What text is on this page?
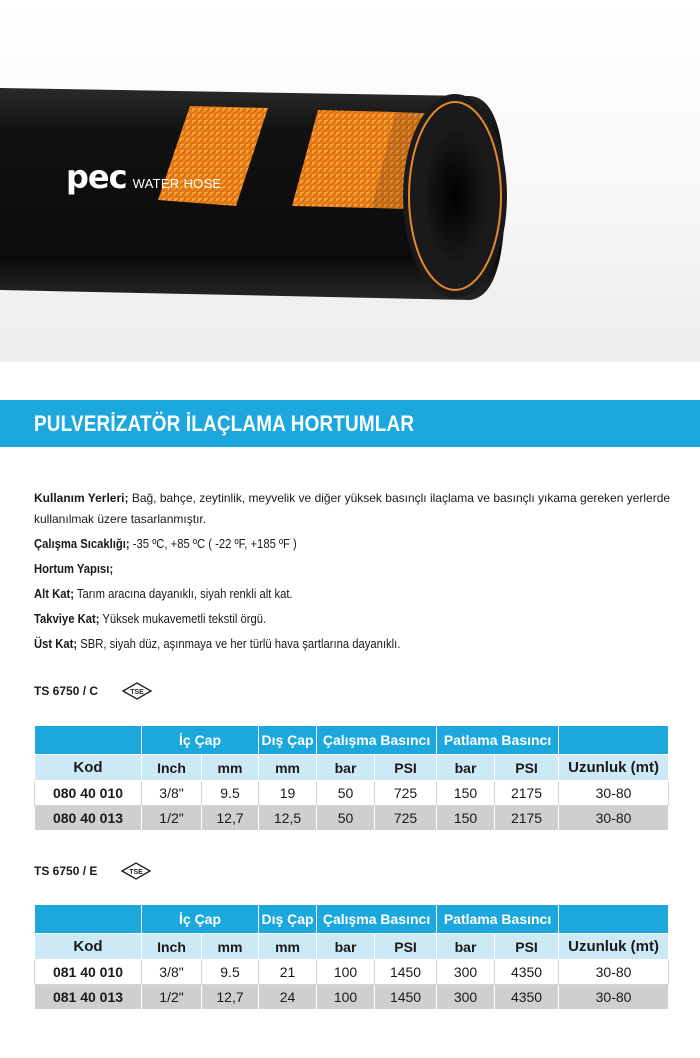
pec WATER HOSE
PULVERİZATÖR İLAÇLAMA HORTUMLAR

Kullanım Yerleri; Bağ, bahçe, zeytinlik, meyvelik ve diğer yüksek basınçlı ilaçlama ve basınçlı yıkama gereken yerlerde kullanılmak üzere tasarlanmıştır.

Çalışma Sıcaklığı; -35 ºC, +85 ºC ( -22 ºF, +185 ºF )

Hortum Yapısı;

Alt Kat; Tarım aracına dayanıklı, siyah renkli alt kat.

Takviye Kat; Yüksek mukavemetli tekstil örgü.

Üst Kat; SBR, siyah düz, aşınmaya ve her türlü hava şartlarına dayanıklı.

TS 6750 / C	TSE
	İç Çap		Dış Çap	Çalışma Basıncı		Patlama Basıncı		
Kod	Inch	mm	mm	bar	PSI	bar	PSI	Uzunluk (mt)
080 40 010	3/8"	9.5	19	50	725	150	2175	30-80
080 40 013	1/2"	12,7	12,5	50	725	150	2175	30-80
TS 6750 / E	TSE
	İç Çap		Dış Çap	Çalışma Basıncı		Patlama Basıncı		
Kod	Inch	mm	mm	bar	PSI	bar	PSI	Uzunluk (mt)
081 40 010	3/8"	9.5	21	100	1450	300	4350	30-80
081 40 013	1/2"	12,7	24	100	1450	300	4350	30-80
